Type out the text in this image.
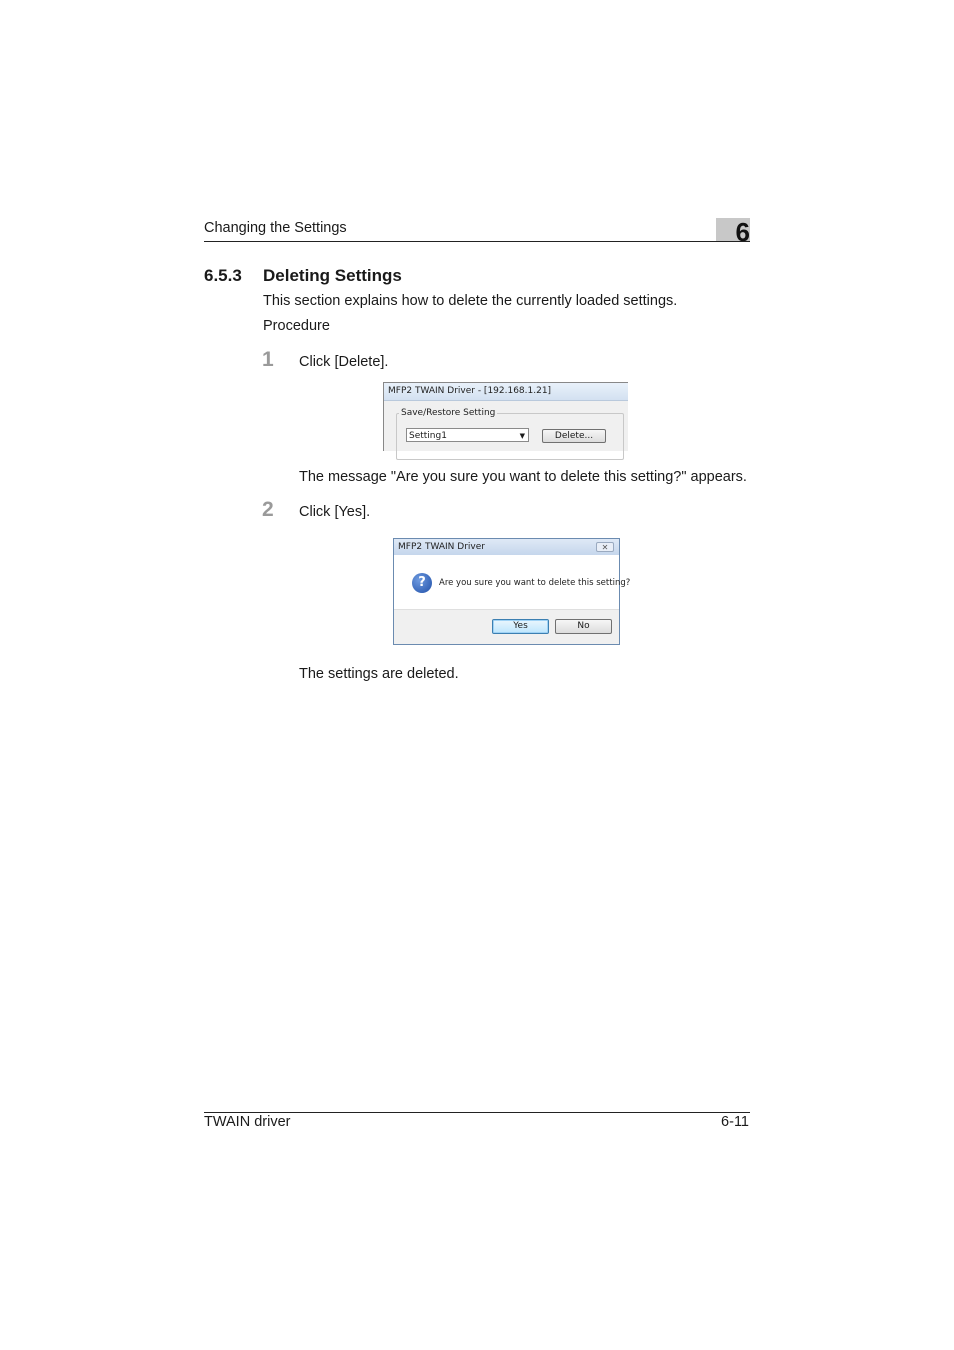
Changing the Settings	6
6.5.3 Deleting Settings
This section explains how to delete the currently loaded settings.
Procedure
1 Click [Delete].
MFP2 TWAIN Driver - [192.168.1.21]
Save/Restore Setting
Setting1	▼	Delete...
The message "Are you sure you want to delete this setting?" appears.
2 Click [Yes].
MFP2 TWAIN Driver	✕
?	Are you sure you want to delete this setting?
Yes	No
The settings are deleted.
TWAIN driver	6-11
